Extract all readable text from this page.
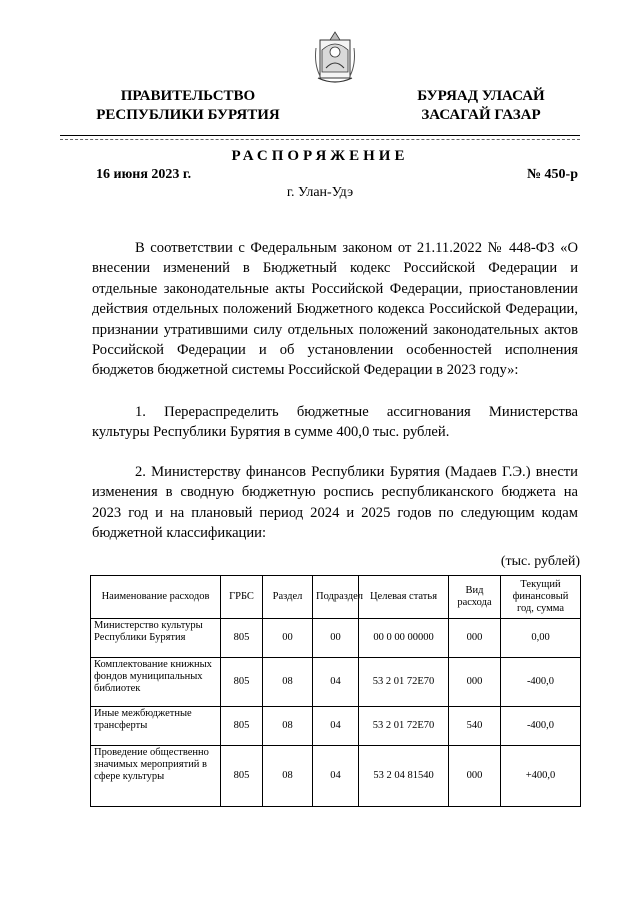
ПРАВИТЕЛЬСТВО
РЕСПУБЛИКИ БУРЯТИЯ
БУРЯАД УЛАСАЙ
ЗАСАГАЙ ГАЗАР
РАСПОРЯЖЕНИЕ
16 июня 2023 г.	№ 450-р
г. Улан-Удэ
В соответствии с Федеральным законом от 21.11.2022 № 448-ФЗ «О внесении изменений в Бюджетный кодекс Российской Федерации и отдельные законодательные акты Российской Федерации, приостановлении действия отдельных положений Бюджетного кодекса Российской Федерации, признании утратившими силу отдельных положений законодательных актов Российской Федерации и об установлении особенностей исполнения бюджетов бюджетной системы Российской Федерации в 2023 году»:
1. Перераспределить бюджетные ассигнования Министерства культуры Республики Бурятия в сумме 400,0 тыс. рублей.
2. Министерству финансов Республики Бурятия (Мадаев Г.Э.) внести изменения в сводную бюджетную роспись республиканского бюджета на 2023 год и на плановый период 2024 и 2025 годов по следующим кодам бюджетной классификации:
(тыс. рублей)
Наименование расходов	ГРБС	Раздел	Подраздел	Целевая статья	Вид расхода	Текущий финансовый год, сумма
Министерство культуры Республики Бурятия	805	00	00	00 0 00 00000	000	0,00
Комплектование книжных фондов муниципальных библиотек	805	08	04	53 2 01 72Е70	000	-400,0
Иные межбюджетные трансферты	805	08	04	53 2 01 72Е70	540	-400,0
Проведение общественно значимых мероприятий в сфере культуры	805	08	04	53 2 04 81540	000	+400,0
